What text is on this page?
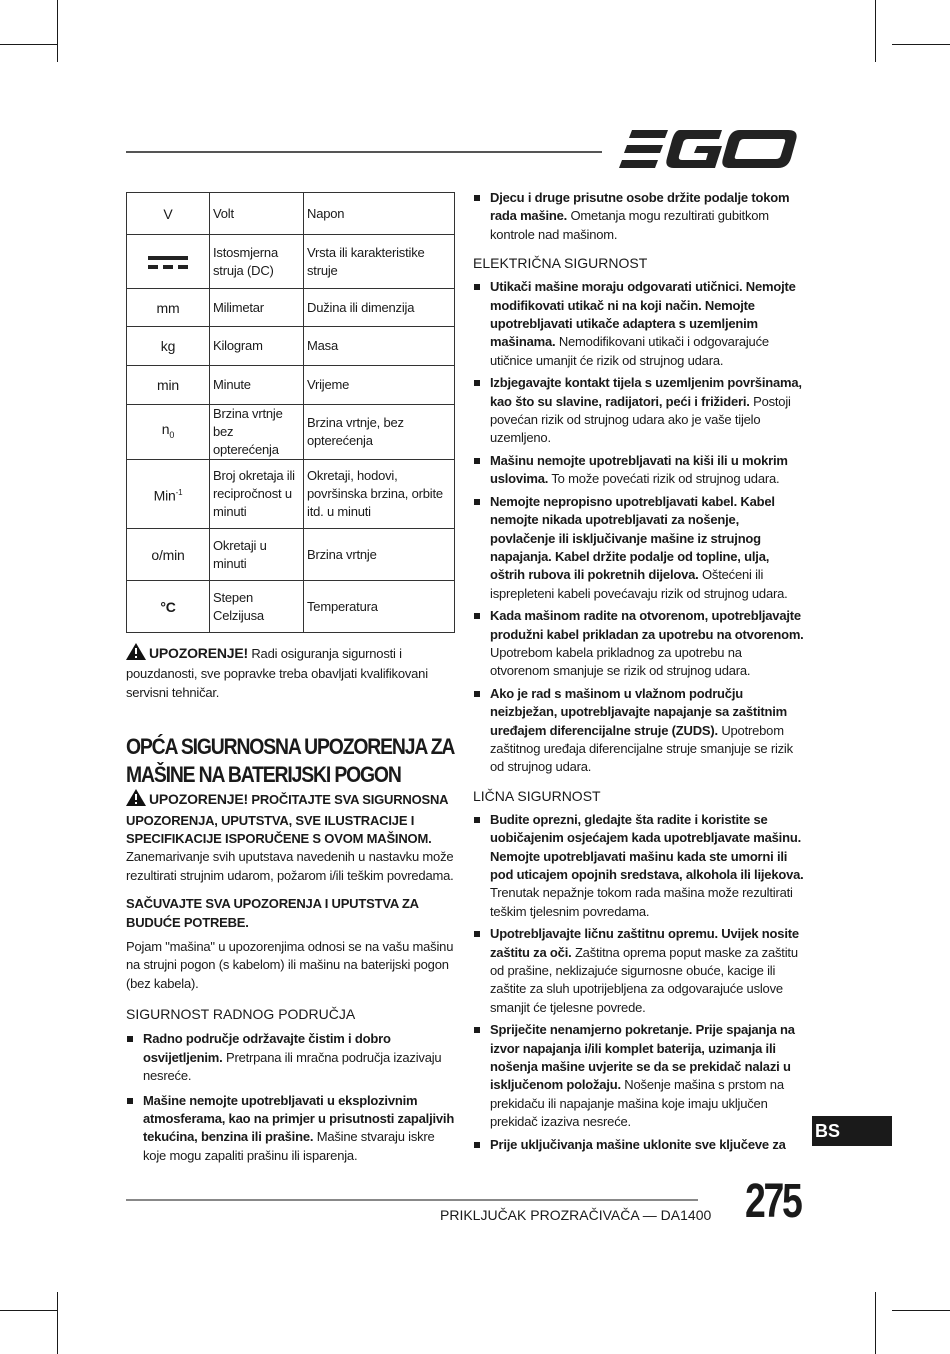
V	Volt	Napon

	Istosmjerna struja (DC)	Vrsta ili karakteristike struje
mm	Milimetar	Dužina ili dimenzija
kg	Kilogram	Masa
min	Minute	Vrijeme
$n_0$	Brzina vrtnje bez opterećenja	Brzina vrtnje, bez opterećenja
Min$^{-1}$	Broj okretaja ili recipročnost u minuti	Okretaji, hodovi, površinska brzina, orbite itd. u minuti
o/min	Okretaji u minuti	Brzina vrtnje
°C	Stepen Celzijusa	Temperatura

UPOZORENJE! Radi osiguranja sigurnosti i pouzdanosti, sve popravke treba obavljati kvalifikovani servisni tehničar.

OPĆA SIGURNOSNA UPOZORENJA ZA

MAŠINE NA BATERIJSKI POGON

UPOZORENJE! PROČITAJTE SVA SIGURNOSNA UPOZORENJA, UPUTSTVA, SVE ILUSTRACIJE I SPECIFIKACIJE ISPORUČENE S OVOM MAŠINOM. Zanemarivanje svih uputstava navedenih u nastavku može rezultirati strujnim udarom, požarom i/ili teškim povredama.

SAČUVAJTE SVA UPOZORENJA I UPUTSTVA ZA BUDUĆE POTREBE.

Pojam "mašina" u upozorenjima odnosi se na vašu mašinu na strujni pogon (s kabelom) ili mašinu na baterijski pogon (bez kabela).

SIGURNOST RADNOG PODRUČJA

Radno područje održavajte čistim i dobro osvijetljenim. Pretrpana ili mračna područja izazivaju nesreće.
Mašine nemojte upotrebljavati u eksplozivnim atmosferama, kao na primjer u prisutnosti zapaljivih tekućina, benzina ili prašine. Mašine stvaraju iskre koje mogu zapaliti prašinu ili isparenja.
Djecu i druge prisutne osobe držite podalje tokom rada mašine. Ometanja mogu rezultirati gubitkom kontrole nad mašinom.

ELEKTRIČNA SIGURNOST

Utikači mašine moraju odgovarati utičnici. Nemojte modifikovati utikač ni na koji način. Nemojte upotrebljavati utikače adaptera s uzemljenim mašinama. Nemodifikovani utikači i odgovarajuće utičnice umanjit će rizik od strujnog udara.
Izbjegavajte kontakt tijela s uzemljenim površinama, kao što su slavine, radijatori, peći i frižideri. Postoji povećan rizik od strujnog udara ako je vaše tijelo uzemljeno.
Mašinu nemojte upotrebljavati na kiši ili u mokrim uslovima. To može povećati rizik od strujnog udara.
Nemojte nepropisno upotrebljavati kabel. Kabel nemojte nikada upotrebljavati za nošenje, povlačenje ili isključivanje mašine iz strujnog napajanja. Kabel držite podalje od topline, ulja, oštrih rubova ili pokretnih dijelova. Oštećeni ili isprepleteni kabeli povećavaju rizik od strujnog udara.
Kada mašinom radite na otvorenom, upotrebljavajte produžni kabel prikladan za upotrebu na otvorenom. Upotrebom kabela prikladnog za upotrebu na otvorenom smanjuje se rizik od strujnog udara.
Ako je rad s mašinom u vlažnom području neizbježan, upotrebljavajte napajanje sa zaštitnim uređajem diferencijalne struje (ZUDS). Upotrebom zaštitnog uređaja diferencijalne struje smanjuje se rizik od strujnog udara.

LIČNA SIGURNOST

Budite oprezni, gledajte šta radite i koristite se uobičajenim osjećajem kada upotrebljavate mašinu. Nemojte upotrebljavati mašinu kada ste umorni ili pod uticajem opojnih sredstava, alkohola ili lijekova. Trenutak nepažnje tokom rada mašina može rezultirati teškim tjelesnim povredama.
Upotrebljavajte ličnu zaštitnu opremu. Uvijek nosite zaštitu za oči. Zaštitna oprema poput maske za zaštitu od prašine, neklizajuće sigurnosne obuće, kacige ili zaštite za sluh upotrijebljena za odgovarajuće uslove smanjit će tjelesne povrede.
Spriječite nenamjerno pokretanje. Prije spajanja na izvor napajanja i/ili komplet baterija, uzimanja ili nošenja mašine uvjerite se da se prekidač nalazi u isključenom položaju. Nošenje mašina s prstom na prekidaču ili napajanje mašina koje imaju uključen prekidač izaziva nesreće.
Prije uključivanja mašine uklonite sve ključeve za
BS
PRIKLJUČAK PROZRAČIVAČA — DA1400 275
